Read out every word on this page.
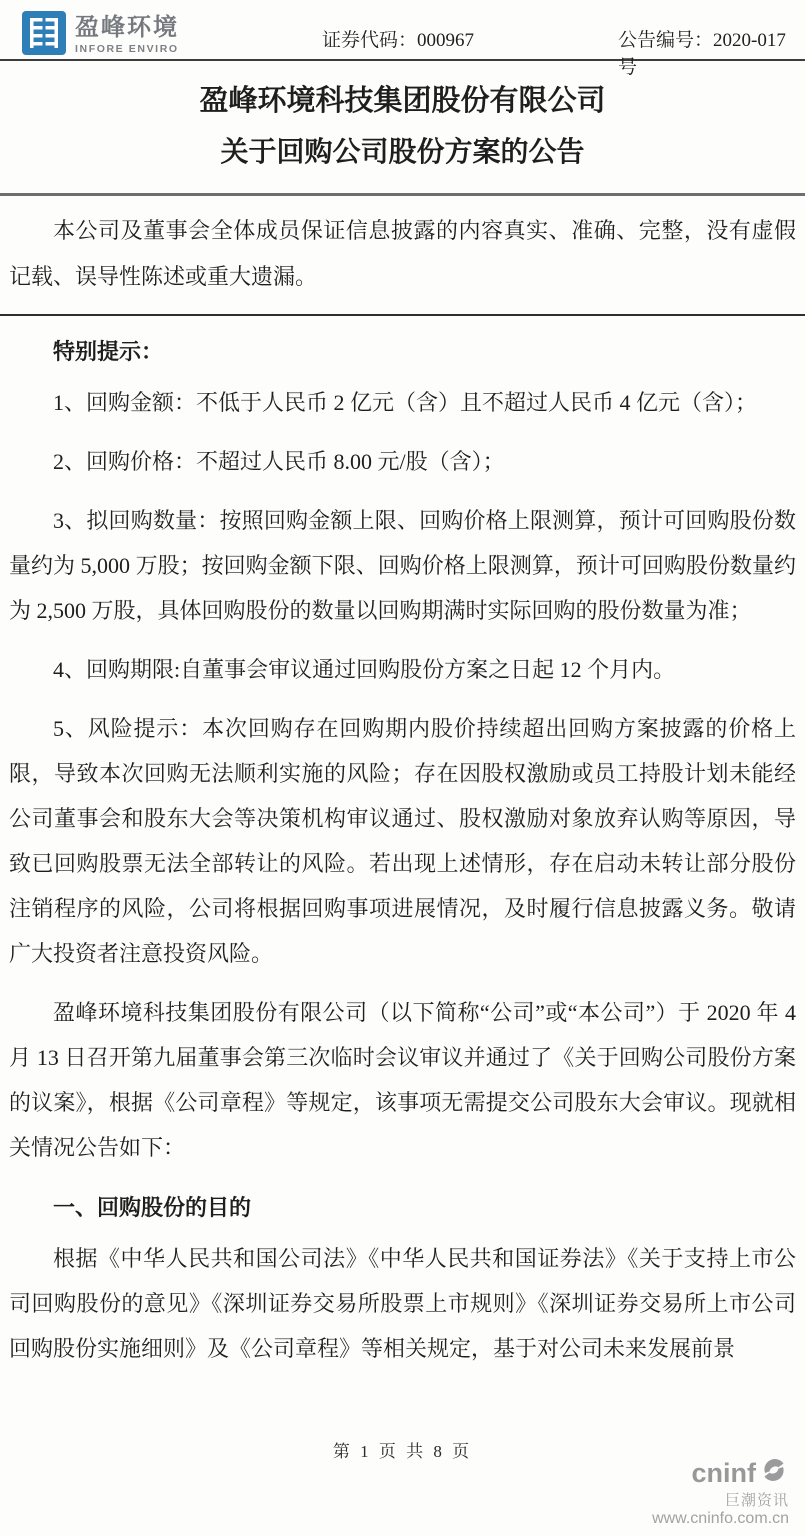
盈峰环境
INFORE ENVIRO	证券代码：000967	公告编号：2020-017 号
盈峰环境科技集团股份有限公司
关于回购公司股份方案的公告

本公司及董事会全体成员保证信息披露的内容真实、准确、完整，没有虚假记载、误导性陈述或重大遗漏。

特别提示：

1、回购金额：不低于人民币 2 亿元（含）且不超过人民币 4 亿元（含）；

2、回购价格：不超过人民币 8.00 元/股（含）；

3、拟回购数量：按照回购金额上限、回购价格上限测算，预计可回购股份数量约为 5,000 万股；按回购金额下限、回购价格上限测算，预计可回购股份数量约为 2,500 万股，具体回购股份的数量以回购期满时实际回购的股份数量为准；

4、回购期限:自董事会审议通过回购股份方案之日起 12 个月内。

5、风险提示：本次回购存在回购期内股价持续超出回购方案披露的价格上限，导致本次回购无法顺利实施的风险；存在因股权激励或员工持股计划未能经公司董事会和股东大会等决策机构审议通过、股权激励对象放弃认购等原因，导致已回购股票无法全部转让的风险。若出现上述情形，存在启动未转让部分股份注销程序的风险，公司将根据回购事项进展情况，及时履行信息披露义务。敬请广大投资者注意投资风险。

盈峰环境科技集团股份有限公司（以下简称“公司”或“本公司”）于 2020 年 4 月 13 日召开第九届董事会第三次临时会议审议并通过了《关于回购公司股份方案的议案》，根据《公司章程》等规定，该事项无需提交公司股东大会审议。现就相关情况公告如下：

一、回购股份的目的

根据《中华人民共和国公司法》《中华人民共和国证券法》《关于支持上市公司回购股份的意见》《深圳证券交易所股票上市规则》《深圳证券交易所上市公司回购股份实施细则》及《公司章程》等相关规定，基于对公司未来发展前景

第 1 页 共 8 页
cninf
巨潮资讯
www.cninfo.com.cn
